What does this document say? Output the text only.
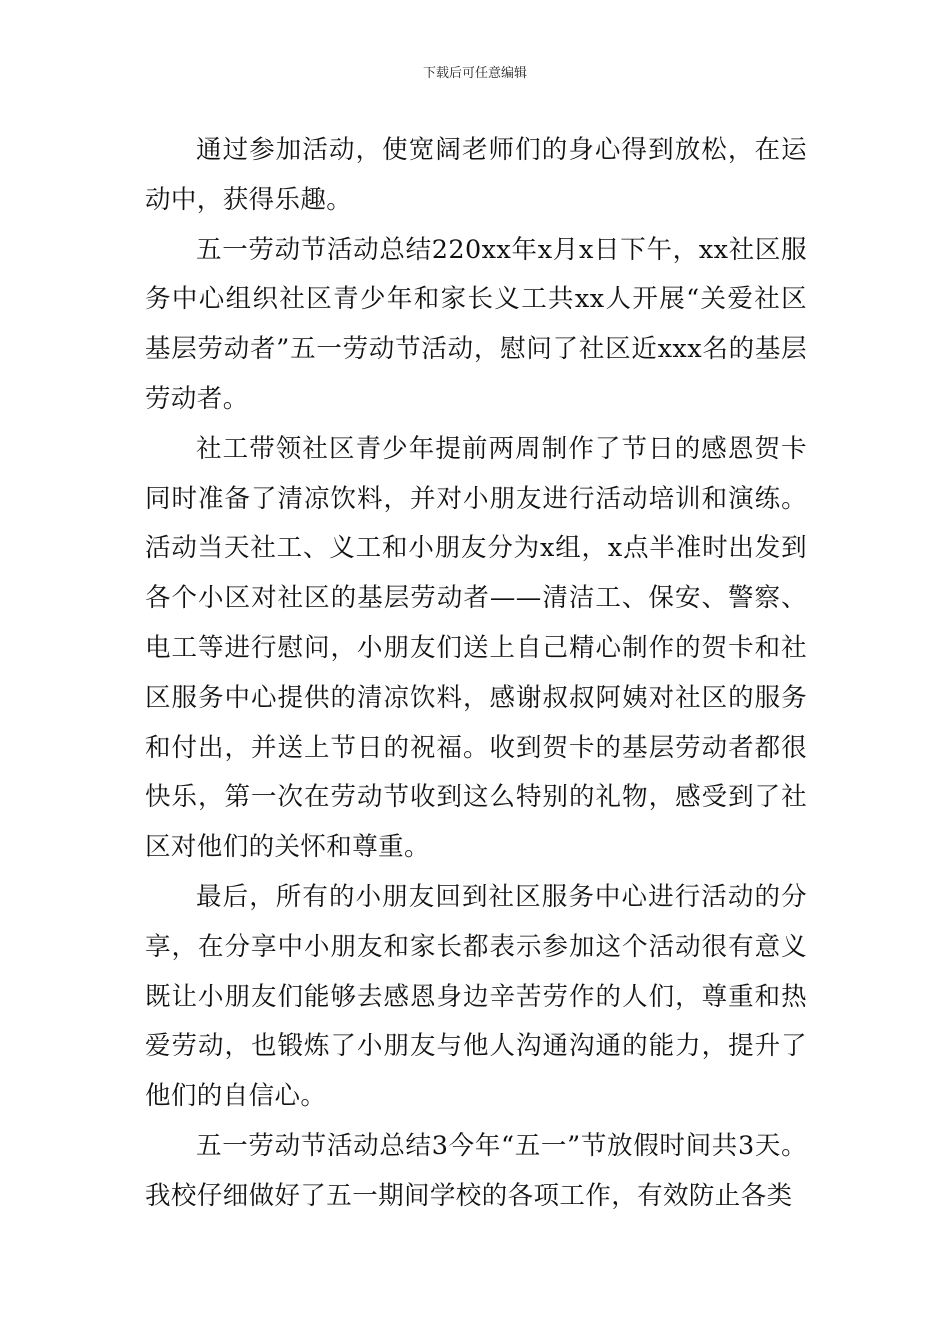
下载后可任意编辑

通过参加活动，使宽阔老师们的身心得到放松，在运动中，获得乐趣。

五一劳动节活动总结220xx年x月x日下午，xx社区服务中心组织社区青少年和家长义工共xx人开展“关爱社区基层劳动者”五一劳动节活动，慰问了社区近xxx名的基层劳动者。

社工带领社区青少年提前两周制作了节日的感恩贺卡同时准备了清凉饮料，并对小朋友进行活动培训和演练。活动当天社工、义工和小朋友分为x组，x点半准时出发到各个小区对社区的基层劳动者——清洁工、保安、警察、电工等进行慰问，小朋友们送上自己精心制作的贺卡和社区服务中心提供的清凉饮料，感谢叔叔阿姨对社区的服务和付出，并送上节日的祝福。收到贺卡的基层劳动者都很快乐，第一次在劳动节收到这么特别的礼物，感受到了社区对他们的关怀和尊重。

最后，所有的小朋友回到社区服务中心进行活动的分享，在分享中小朋友和家长都表示参加这个活动很有意义既让小朋友们能够去感恩身边辛苦劳作的人们，尊重和热爱劳动，也锻炼了小朋友与他人沟通沟通的能力，提升了他们的自信心。

五一劳动节活动总结3今年“五一”节放假时间共3天。我校仔细做好了五一期间学校的各项工作，有效防止各类
